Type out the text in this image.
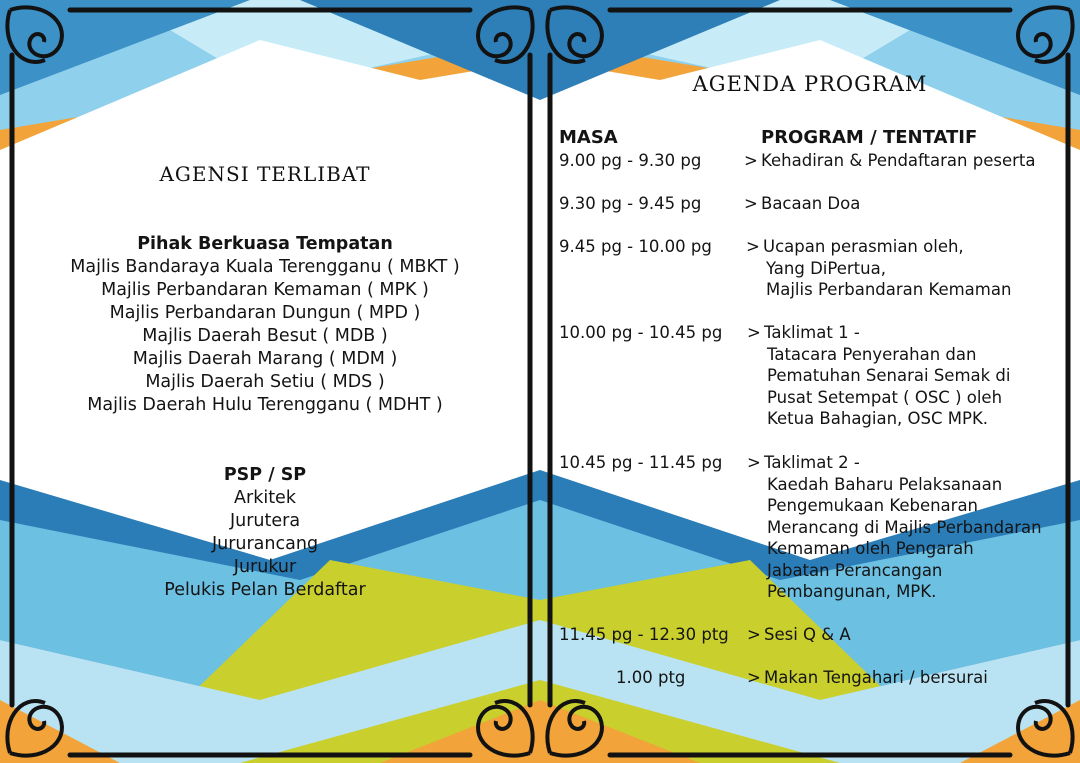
AGENSI TERLIBAT
Pihak Berkuasa Tempatan
Majlis Bandaraya Kuala Terengganu ( MBKT )
Majlis Perbandaran Kemaman ( MPK )
Majlis Perbandaran Dungun ( MPD )
Majlis Daerah Besut ( MDB )
Majlis Daerah Marang ( MDM )
Majlis Daerah Setiu ( MDS )
Majlis Daerah Hulu Terengganu ( MDHT )
PSP / SP
Arkitek
Jurutera
Jururancang
Jurukur
Pelukis Pelan Berdaftar
AGENDA PROGRAM
MASA	PROGRAM / TENTATIF
9.00 pg - 9.30 pg	> Kehadiran & Pendaftaran peserta
9.30 pg - 9.45 pg	> Bacaan Doa
9.45 pg - 10.00 pg > Ucapan perasmian oleh,
Yang DiPertua,
Majlis Perbandaran Kemaman
10.00 pg - 10.45 pg > Taklimat 1 -
Tatacara Penyerahan dan
Pematuhan Senarai Semak di
Pusat Setempat ( OSC ) oleh
Ketua Bahagian, OSC MPK.
10.45 pg - 11.45 pg > Taklimat 2 -
Kaedah Baharu Pelaksanaan
Pengemukaan Kebenaran
Merancang di Majlis Perbandaran
Kemaman oleh Pengarah
Jabatan Perancangan
Pembangunan, MPK.
11.45 pg - 12.30 ptg > Sesi Q & A
1.00 ptg	> Makan Tengahari / bersurai
